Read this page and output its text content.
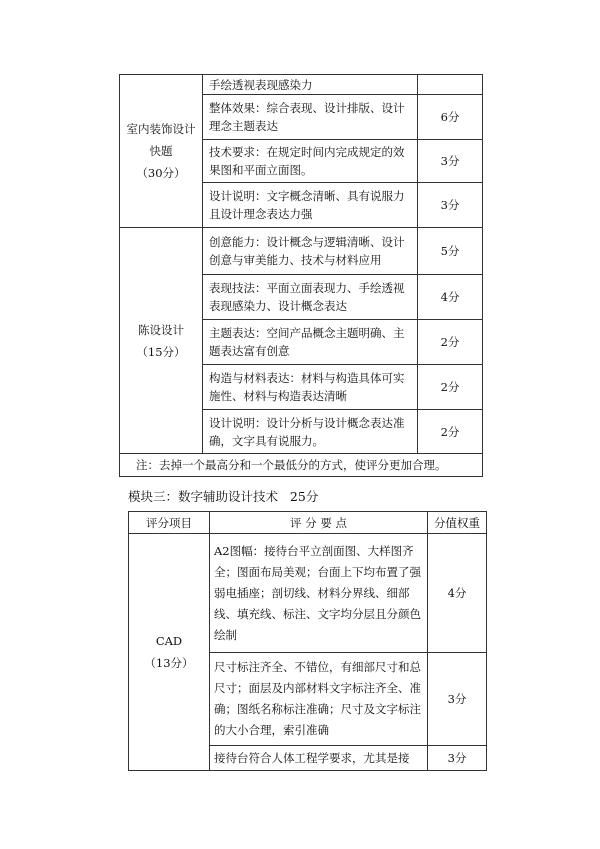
室内装饰设计
快题
（30分）	手绘透视表现感染力	
	整体效果：综合表现、设计排版、设计理念主题表达	6分
	技术要求：在规定时间内完成规定的效果图和平面立面图。	3分
	设计说明：文字概念清晰、具有说服力且设计理念表达力强	3分

陈设设计
（15分）	创意能力：设计概念与逻辑清晰、设计创意与审美能力、技术与材料应用	5分
	表现技法：平面立面表现力、手绘透视表现感染力、设计概念表达	4分
	主题表达：空间产品概念主题明确、主题表达富有创意	2分
	构造与材料表达：材料与构造具体可实施性、材料与构造表达清晰	2分
	设计说明：设计分析与设计概念表达准确，文字具有说服力。	2分
注：去掉一个最高分和一个最低分的方式，使评分更加合理。		
模块三：数字辅助设计技术   25分
评分项目	评 分 要 点	分值权重

CAD
（13分）	A2图幅：接待台平立剖面图、大样图齐全；图面布局美观；台面上下均布置了强弱电插座；剖切线、材料分界线、细部线、填充线、标注、文字均分层且分颜色绘制	4分
	尺寸标注齐全、不错位，有细部尺寸和总尺寸；面层及内部材料文字标注齐全、准确；图纸名称标注准确；尺寸及文字标注的大小合理，索引准确	3分
	接待台符合人体工程学要求，尤其是接	3分
